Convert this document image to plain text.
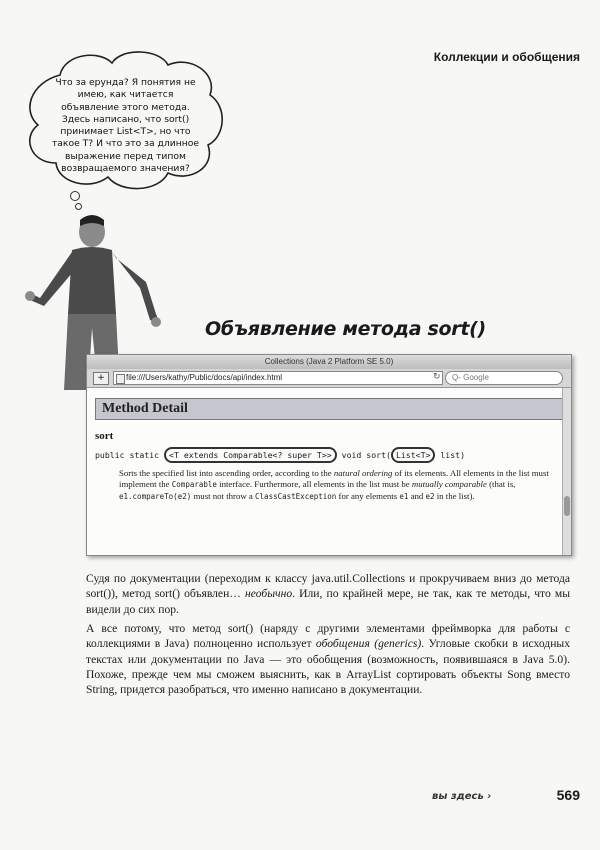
Коллекции и обобщения
Что за ерунда? Я понятия не имею, как читается объявление этого метода. Здесь написано, что sort() принимает List<T>, но что такое T? И что это за длинное выражение перед типом возвращаемого значения?
Объявление метода sort()
Collections (Java 2 Platform SE 5.0)
+	file:///Users/kathy/Public/docs/api/index.html	↻	Q- Google
Method Detail
sort
public static <T extends Comparable<? super T>> void sort( List<T> list)
Sorts the specified list into ascending order, according to the natural ordering of its elements. All elements in the list must implement the Comparable interface. Furthermore, all elements in the list must be mutually comparable (that is, e1.compareTo(e2) must not throw a ClassCastException for any elements e1 and e2 in the list).
Судя по документации (переходим к классу java.util.Collections и прокручиваем вниз до метода sort()), метод sort() объявлен… необычно. Или, по крайней мере, не так, как те методы, что мы видели до сих пор.
А все потому, что метод sort() (наряду с другими элементами фреймворка для работы с коллекциями в Java) полноценно использует обобщения (generics). Угловые скобки в исходных текстах или документации по Java — это обобщения (возможность, появившаяся в Java 5.0). Похоже, прежде чем мы сможем выяснить, как в ArrayList сортировать объекты Song вместо String, придется разобраться, что именно написано в документации.
вы здесь ›	569
